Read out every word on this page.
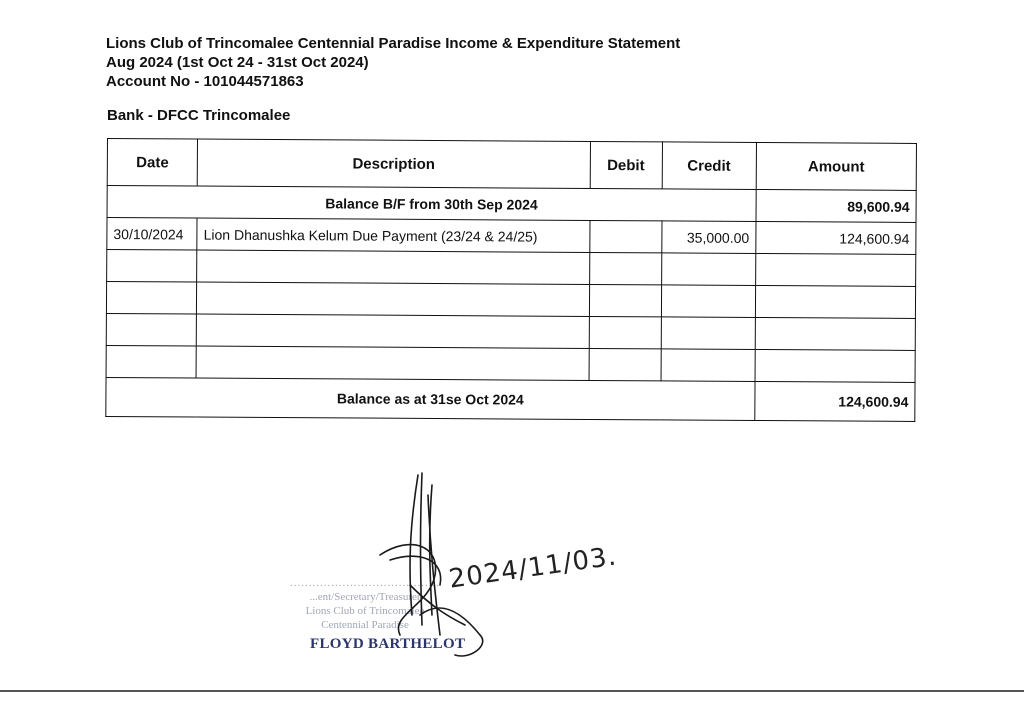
Lions Club of Trincomalee Centennial Paradise Income & Expenditure Statement
Aug 2024 (1st Oct 24 - 31st Oct 2024)
Account No - 101044571863
Bank - DFCC Trincomalee
Date	Description	Debit	Credit	Amount
Balance B/F from 30th Sep 2024				89,600.94
30/10/2024	Lion Dhanushka Kelum Due Payment (23/24 & 24/25)		35,000.00	124,600.94

Balance as at 31se Oct 2024				124,600.94
........................................
...ent/Secretary/Treasurer
Lions Club of Trincomalee
Centennial Paradise
2024/11/03.
FLOYD BARTHELOT
